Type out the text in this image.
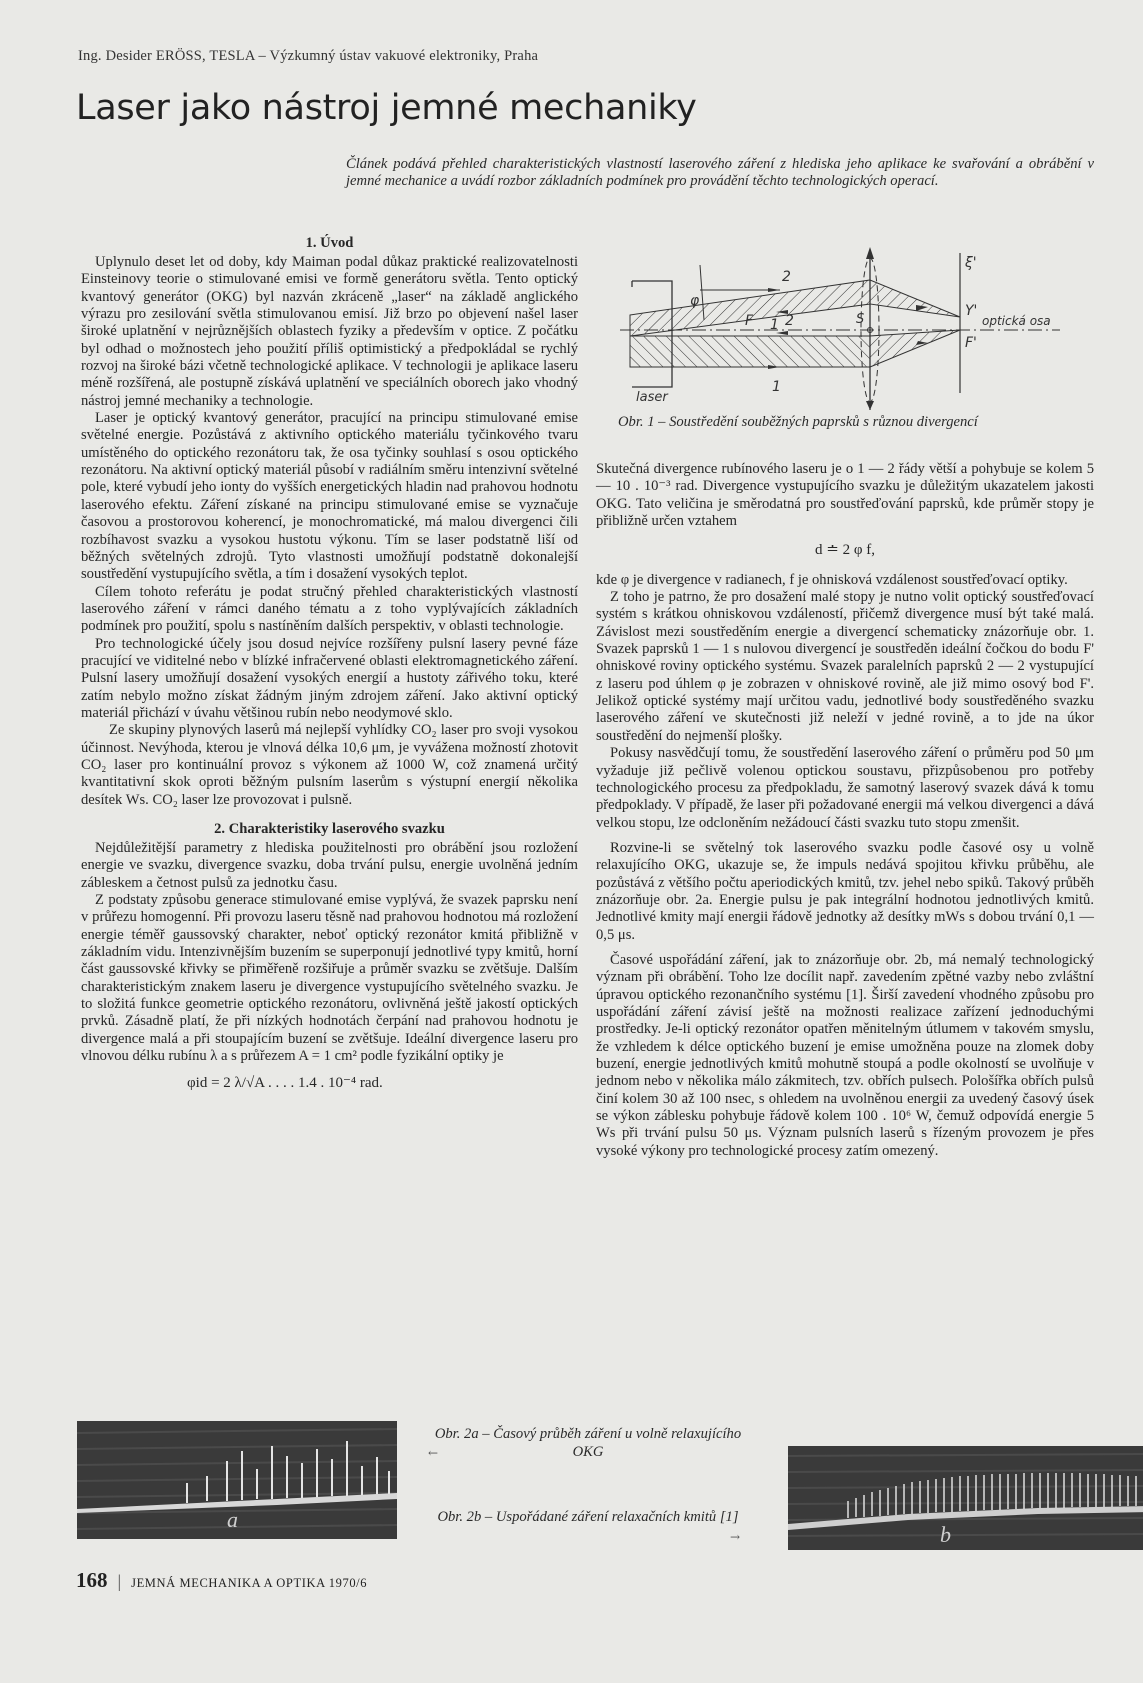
Ing. Desider ERÖSS, TESLA – Výzkumný ústav vakuové elektroniky, Praha
Laser jako nástroj jemné mechaniky

Článek podává přehled charakteristických vlastností laserového záření z hlediska jeho aplikace ke svařování a obrábění v jemné mechanice a uvádí rozbor základních podmínek pro provádění těchto technologických operací.

1. Úvod

Uplynulo deset let od doby, kdy Maiman podal důkaz praktické realizovatelnosti Einsteinovy teorie o stimulované emisi ve formě generátoru světla. Tento optický kvantový generátor (OKG) byl nazván zkráceně „laser“ na základě anglického výrazu pro zesilování světla stimulovanou emisí. Již brzo po objevení našel laser široké uplatnění v nejrůznějších oblastech fyziky a především v optice. Z počátku byl odhad o možnostech jeho použití příliš optimistický a předpokládal se rychlý rozvoj na široké bázi včetně technologické aplikace. V technologii je aplikace laseru méně rozšířená, ale postupně získává uplatnění ve speciálních oborech jako vhodný nástroj jemné mechaniky a technologie.

Laser je optický kvantový generátor, pracující na principu stimulované emise světelné energie. Pozůstává z aktivního optického materiálu tyčinkového tvaru umístěného do optického rezonátoru tak, že osa tyčinky souhlasí s osou optického rezonátoru. Na aktivní optický materiál působí v radiálním směru intenzivní světelné pole, které vybudí jeho ionty do vyšších energetických hladin nad prahovou hodnotu laserového efektu. Záření získané na principu stimulované emise se vyznačuje časovou a prostorovou koherencí, je monochromatické, má malou divergenci čili rozbíhavost svazku a vysokou hustotu výkonu. Tím se laser podstatně liší od běžných světelných zdrojů. Tyto vlastnosti umožňují podstatně dokonalejší soustředění vystupujícího světla, a tím i dosažení vysokých teplot.

Cílem tohoto referátu je podat stručný přehled charakteristických vlastností laserového záření v rámci daného tématu a z toho vyplývajících základních podmínek pro použití, spolu s nastíněním dalších perspektiv, v oblasti technologie.

Pro technologické účely jsou dosud nejvíce rozšířeny pulsní lasery pevné fáze pracující ve viditelné nebo v blízké infračervené oblasti elektromagnetického záření. Pulsní lasery umožňují dosažení vysokých energií a hustoty zářivého toku, které zatím nebylo možno získat žádným jiným zdrojem záření. Jako aktivní optický materiál přichází v úvahu většinou rubín nebo neodymové sklo.

Ze skupiny plynových laserů má nejlepší vyhlídky CO₂ laser pro svoji vysokou účinnost. Nevýhoda, kterou je vlnová délka 10,6 μm, je vyvážena možností zhotovit CO₂ laser pro kontinuální provoz s výkonem až 1000 W, což znamená určitý kvantitativní skok oproti běžným pulsním laserům s výstupní energií několika desítek Ws. CO₂ laser lze provozovat i pulsně.

2. Charakteristiky laserového svazku

Nejdůležitější parametry z hlediska použitelnosti pro obrábění jsou rozložení energie ve svazku, divergence svazku, doba trvání pulsu, energie uvolněná jedním zábleskem a četnost pulsů za jednotku času.

Z podstaty způsobu generace stimulované emise vyplývá, že svazek paprsku není v průřezu homogenní. Při provozu laseru těsně nad prahovou hodnotou má rozložení energie téměř gaussovský charakter, neboť optický rezonátor kmitá přibližně v základním vidu. Intenzivnějším buzením se superponují jednotlivé typy kmitů, horní část gaussovské křivky se přiměřeně rozšiřuje a průměr svazku se zvětšuje. Dalším charakteristickým znakem laseru je divergence vystupujícího světelného svazku. Je to složitá funkce geometrie optického rezonátoru, ovlivněná ještě jakostí optických prvků. Zásadně platí, že při nízkých hodnotách čerpání nad prahovou hodnotu je divergence malá a při stoupajícím buzení se zvětšuje. Ideální divergence laseru pro vlnovou délku rubínu λ a s průřezem A = 1 cm² podle fyzikální optiky je

φid = 2 λ/√A . . . . 1.4 . 10⁻⁴ rad.
laser
φ
2
2
1
F
1
S
Y'
F'
ξ'
optická osa
Obr. 1 – Soustředění souběžných paprsků s různou divergencí

Skutečná divergence rubínového laseru je o 1 — 2 řády větší a pohybuje se kolem 5 — 10 . 10⁻³ rad. Divergence vystupujícího svazku je důležitým ukazatelem jakosti OKG. Tato veličina je směrodatná pro soustřeďování paprsků, kde průměr stopy je přibližně určen vztahem

d ≐ 2 φ f,

kde φ je divergence v radianech, f je ohnisková vzdálenost soustřeďovací optiky.

Z toho je patrno, že pro dosažení malé stopy je nutno volit optický soustřeďovací systém s krátkou ohniskovou vzdáleností, přičemž divergence musí být také malá. Závislost mezi soustředěním energie a divergencí schematicky znázorňuje obr. 1. Svazek paprsků 1 — 1 s nulovou divergencí je soustředěn ideální čočkou do bodu F' ohniskové roviny optického systému. Svazek paralelních paprsků 2 — 2 vystupující z laseru pod úhlem φ je zobrazen v ohniskové rovině, ale již mimo osový bod F'. Jelikož optické systémy mají určitou vadu, jednotlivé body soustředěného svazku laserového záření ve skutečnosti již neleží v jedné rovině, a to jde na úkor soustředění do nejmenší plošky.

Pokusy nasvědčují tomu, že soustředění laserového záření o průměru pod 50 μm vyžaduje již pečlivě volenou optickou soustavu, přizpůsobenou pro potřeby technologického procesu za předpokladu, že samotný laserový svazek dává k tomu předpoklady. V případě, že laser při požadované energii má velkou divergenci a dává velkou stopu, lze odcloněním nežádoucí části svazku tuto stopu zmenšit.

Rozvine-li se světelný tok laserového svazku podle časové osy u volně relaxujícího OKG, ukazuje se, že impuls nedává spojitou křivku průběhu, ale pozůstává z většího počtu aperiodických kmitů, tzv. jehel nebo spiků. Takový průběh znázorňuje obr. 2a. Energie pulsu je pak integrální hodnotou jednotlivých kmitů. Jednotlivé kmity mají energii řádově jednotky až desítky mWs s dobou trvání 0,1 — 0,5 μs.

Časové uspořádání záření, jak to znázorňuje obr. 2b, má nemalý technologický význam při obrábění. Toho lze docílit např. zavedením zpětné vazby nebo zvláštní úpravou optického rezonančního systému [1]. Širší zavedení vhodného způsobu pro uspořádání záření závisí ještě na možnosti realizace zařízení jednoduchými prostředky. Je-li optický rezonátor opatřen měnitelným útlumem v takovém smyslu, že vzhledem k délce optického buzení je emise umožněna pouze na zlomek doby buzení, energie jednotlivých kmitů mohutně stoupá a podle okolností se uvolňuje v jednom nebo v několika málo zákmitech, tzv. obřích pulsech. Pološířka obřích pulsů činí kolem 30 až 100 nsec, s ohledem na uvolněnou energii za uvedený časový úsek se výkon záblesku pohybuje řádově kolem 100 . 10⁶ W, čemuž odpovídá energie 5 Ws při trvání pulsu 50 μs. Význam pulsních laserů s řízeným provozem je přes vysoké výkony pro technologické procesy zatím omezený.

a
Obr. 2a – Časový průběh záření u volně relaxujícího OKG
←
Obr. 2b – Uspořádané záření relaxačních kmitů [1]
→	b
168 | JEMNÁ MECHANIKA A OPTIKA 1970/6
